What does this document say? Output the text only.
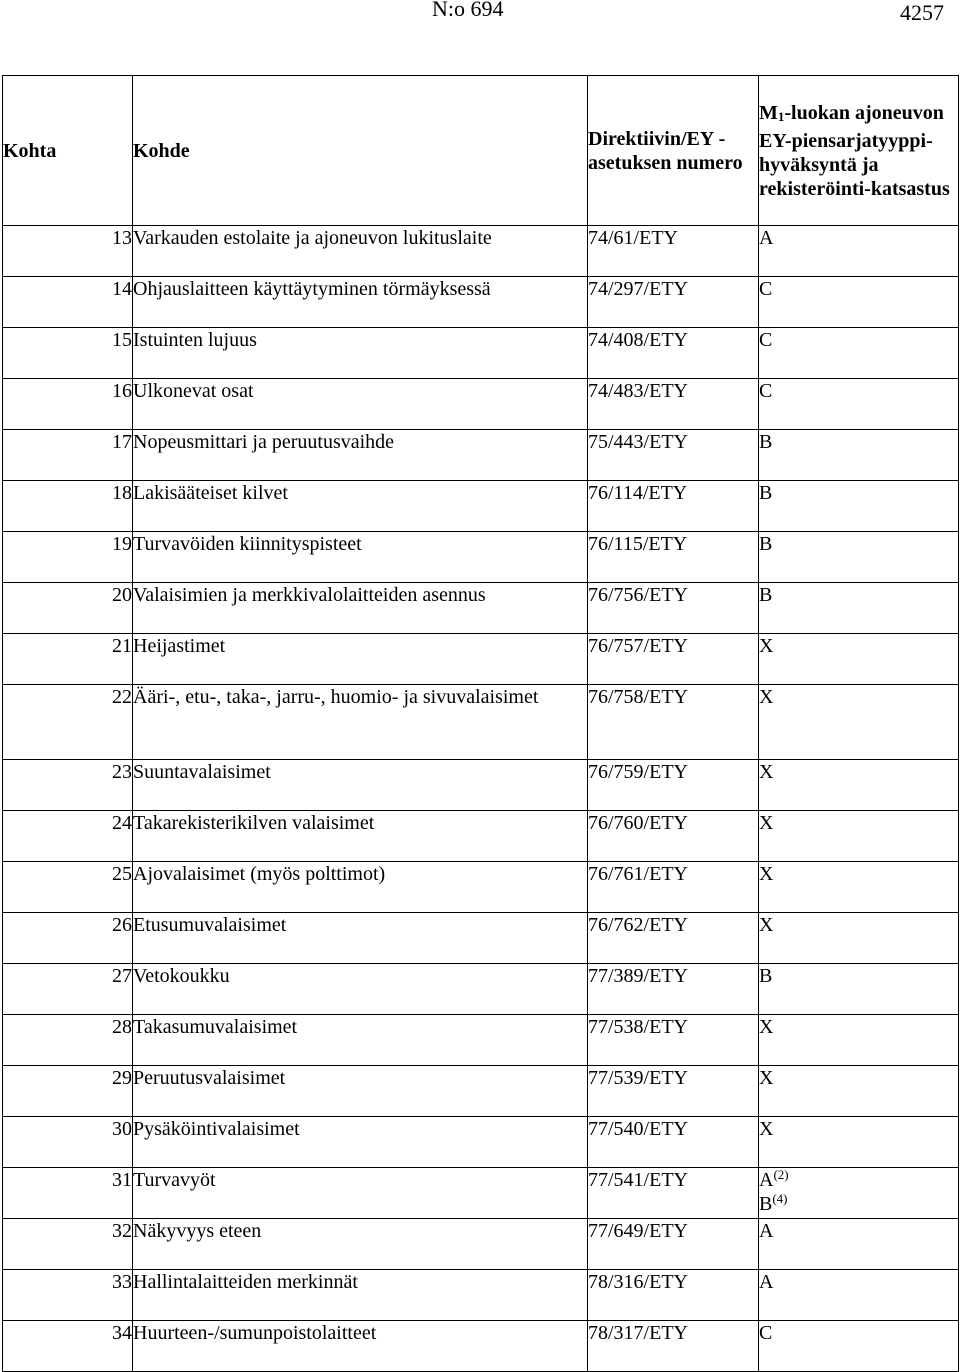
N:o 694	4257
Kohta	Kohde	Direktiivin/EY -asetuksen numero	M1-luokan ajoneuvon EY-piensarjatyyppi-hyväksyntä ja rekisteröinti-katsastus
13	Varkauden estolaite ja ajoneuvon lukituslaite	74/61/ETY	A

14	Ohjauslaitteen käyttäytyminen törmäyksessä	74/297/ETY	C

15	Istuinten lujuus	74/408/ETY	C

16	Ulkonevat osat	74/483/ETY	C

17	Nopeusmittari ja peruutusvaihde	75/443/ETY	B

18	Lakisääteiset kilvet	76/114/ETY	B

19	Turvavöiden kiinnityspisteet	76/115/ETY	B

20	Valaisimien ja merkkivalolaitteiden asennus	76/756/ETY	B

21	Heijastimet	76/757/ETY	X

22	Ääri-, etu-, taka-, jarru-, huomio- ja sivuvalaisimet	76/758/ETY	X

23	Suuntavalaisimet	76/759/ETY	X

24	Takarekisterikilven valaisimet	76/760/ETY	X

25	Ajovalaisimet (myös polttimot)	76/761/ETY	X

26	Etusumuvalaisimet	76/762/ETY	X

27	Vetokoukku	77/389/ETY	B

28	Takasumuvalaisimet	77/538/ETY	X

29	Peruutusvalaisimet	77/539/ETY	X

30	Pysäköintivalaisimet	77/540/ETY	X

31	Turvavyöt	77/541/ETY	$A^{(2)}$
$B^{(4)}$

32	Näkyvyys eteen	77/649/ETY	A

33	Hallintalaitteiden merkinnät	78/316/ETY	A

34	Huurteen-/sumunpoistolaitteet	78/317/ETY	C
